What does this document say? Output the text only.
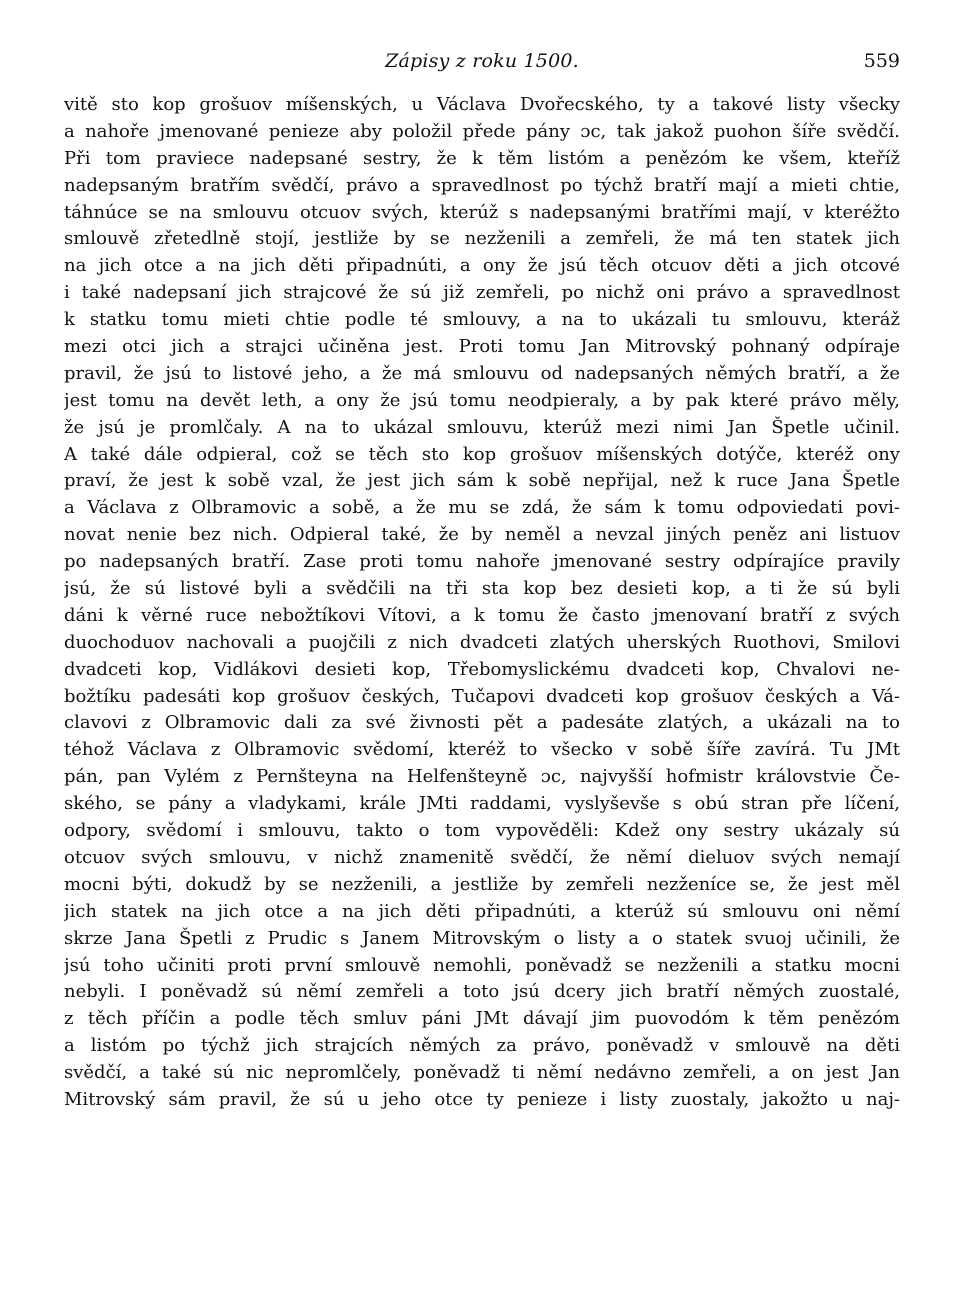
Zápisy z roku 1500.	559
vitě sto kop grošuov míšenských, u Václava Dvořecského, ty a takové listy všecky
a nahoře jmenované penieze aby položil přede pány ɔc, tak jakož puohon šíře svědčí.
Při tom praviece nadepsané sestry, že k těm listóm a penězóm ke všem, kteříž
nadepsaným bratřím svědčí, právo a spravedlnost po týchž bratří mají a mieti chtie,
táhnúce se na smlouvu otcuov svých, kterúž s nadepsanými bratřími mají, v kteréžto
smlouvě zřetedlně stojí, jestliže by se nezženili a zemřeli, že má ten statek jich
na jich otce a na jich děti připadnúti, a ony že jsú těch otcuov děti a jich otcové
i také nadepsaní jich strajcové že sú již zemřeli, po nichž oni právo a spravedlnost
k statku tomu mieti chtie podle té smlouvy, a na to ukázali tu smlouvu, kteráž
mezi otci jich a strajci učiněna jest. Proti tomu Jan Mitrovský pohnaný odpíraje
pravil, že jsú to listové jeho, a že má smlouvu od nadepsaných němých bratří, a že
jest tomu na devět leth, a ony že jsú tomu neodpieraly, a by pak které právo měly,
že jsú je promlčaly. A na to ukázal smlouvu, kterúž mezi nimi Jan Špetle učinil.
A také dále odpieral, což se těch sto kop grošuov míšenských dotýče, kteréž ony
praví, že jest k sobě vzal, že jest jich sám k sobě nepřijal, než k ruce Jana Špetle
a Václava z Olbramovic a sobě, a že mu se zdá, že sám k tomu odpoviedati povi-
novat nenie bez nich. Odpieral také, že by neměl a nevzal jiných peněz ani listuov
po nadepsaných bratří. Zase proti tomu nahoře jmenované sestry odpírajíce pravily
jsú, že sú listové byli a svědčili na tři sta kop bez desieti kop, a ti že sú byli
dáni k věrné ruce nebožtíkovi Vítovi, a k tomu že často jmenovaní bratří z svých
duochoduov nachovali a puojčili z nich dvadceti zlatých uherských Ruothovi, Smilovi
dvadceti kop, Vidlákovi desieti kop, Třebomyslickému dvadceti kop, Chvalovi ne-
božtíku padesáti kop grošuov českých, Tučapovi dvadceti kop grošuov českých a Vá-
clavovi z Olbramovic dali za své živnosti pět a padesáte zlatých, a ukázali na to
téhož Václava z Olbramovic svědomí, kteréž to všecko v sobě šíře zavírá. Tu JMt
pán, pan Vylém z Pernšteyna na Helfenšteyně ɔc, najvyšší hofmistr královstvie Če-
ského, se pány a vladykami, krále JMti raddami, vyslyševše s obú stran pře líčení,
odpory, svědomí i smlouvu, takto o tom vypověděli: Kdež ony sestry ukázaly sú
otcuov svých smlouvu, v nichž znamenitě svědčí, že němí dieluov svých nemají
mocni býti, dokudž by se nezženili, a jestliže by zemřeli nezženíce se, že jest měl
jich statek na jich otce a na jich děti připadnúti, a kterúž sú smlouvu oni němí
skrze Jana Špetli z Prudic s Janem Mitrovským o listy a o statek svuoj učinili, že
jsú toho učiniti proti první smlouvě nemohli, poněvadž se nezženili a statku mocni
nebyli. I poněvadž sú němí zemřeli a toto jsú dcery jich bratří němých zuostalé,
z těch příčin a podle těch smluv páni JMt dávají jim puovodóm k těm penězóm
a listóm po týchž jich strajcích němých za právo, poněvadž v smlouvě na děti
svědčí, a také sú nic nepromlčely, poněvadž ti němí nedávno zemřeli, a on jest Jan
Mitrovský sám pravil, že sú u jeho otce ty penieze i listy zuostaly, jakožto u naj-
